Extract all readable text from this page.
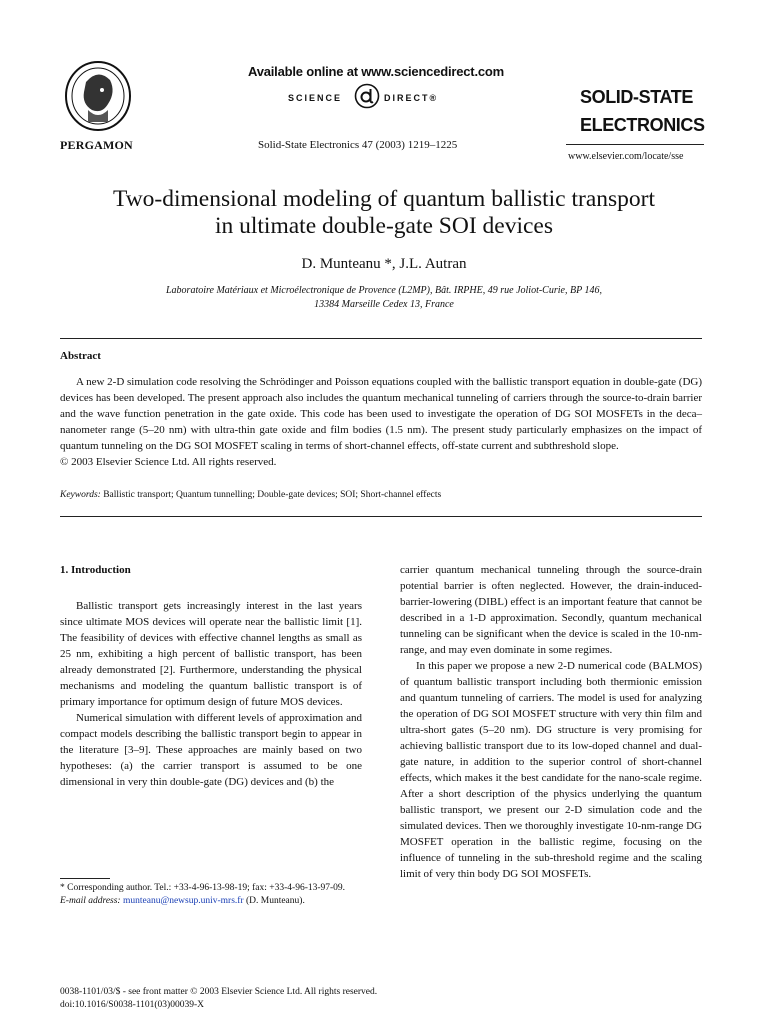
PERGAMON
Available online at www.sciencedirect.com
SCIENCE	DIRECT®
Solid-State Electronics 47 (2003) 1219–1225
SOLID-STATE
ELECTRONICS
www.elsevier.com/locate/sse
Two-dimensional modeling of quantum ballistic transport
in ultimate double-gate SOI devices
D. Munteanu *, J.L. Autran
Laboratoire Matériaux et Microélectronique de Provence (L2MP), Bât. IRPHE, 49 rue Joliot-Curie, BP 146,
13384 Marseille Cedex 13, France
Abstract

A new 2-D simulation code resolving the Schrödinger and Poisson equations coupled with the ballistic transport equation in double-gate (DG) devices has been developed. The present approach also includes the quantum mechanical tunneling of carriers through the source-to-drain barrier and the wave function penetration in the gate oxide. This code has been used to investigate the operation of DG SOI MOSFETs in the deca–nanometer range (5–20 nm) with ultra-thin gate oxide and film bodies (1.5 nm). The present study particularly emphasizes on the impact of quantum tunneling on the DG SOI MOSFET scaling in terms of short-channel effects, off-state current and subthreshold slope.

© 2003 Elsevier Science Ltd. All rights reserved.

Keywords: Ballistic transport; Quantum tunnelling; Double-gate devices; SOI; Short-channel effects
1. Introduction

Ballistic transport gets increasingly interest in the last years since ultimate MOS devices will operate near the ballistic limit [1]. The feasibility of devices with effective channel lengths as small as 25 nm, exhibiting a high percent of ballistic transport, has been already demonstrated [2]. Furthermore, understanding the physical mechanisms and modeling the quantum ballistic transport is of primary importance for optimum design of future MOS devices.

Numerical simulation with different levels of approximation and compact models describing the ballistic transport begin to appear in the literature [3–9]. These approaches are mainly based on two hypotheses: (a) the carrier transport is assumed to be one dimensional in very thin double-gate (DG) devices and (b) the

carrier quantum mechanical tunneling through the source-drain potential barrier is often neglected. However, the drain-induced-barrier-lowering (DIBL) effect is an important feature that cannot be described in a 1-D approximation. Secondly, quantum mechanical tunneling can be significant when the device is scaled in the 10-nm-range, and may even dominate in some regimes.

In this paper we propose a new 2-D numerical code (BALMOS) of quantum ballistic transport including both thermionic emission and quantum tunneling of carriers. The model is used for analyzing the operation of DG SOI MOSFET structure with very thin film and ultra-short gates (5–20 nm). DG structure is very promising for achieving ballistic transport due to its low-doped channel and dual-gate nature, in addition to the superior control of short-channel effects, which makes it the best candidate for the nano-scale regime. After a short description of the physics underlying the quantum ballistic transport, we present our 2-D simulation code and the simulated devices. Then we thoroughly investigate 10-nm-range DG MOSFET operation in the ballistic regime, focusing on the influence of tunneling in the sub-threshold regime and the scaling limit of very thin body DG SOI MOSFETs.

* Corresponding author. Tel.: +33-4-96-13-98-19; fax: +33-4-96-13-97-09.

E-mail address: munteanu@newsup.univ-mrs.fr (D. Munteanu).

0038-1101/03/$ - see front matter © 2003 Elsevier Science Ltd. All rights reserved.
doi:10.1016/S0038-1101(03)00039-X
